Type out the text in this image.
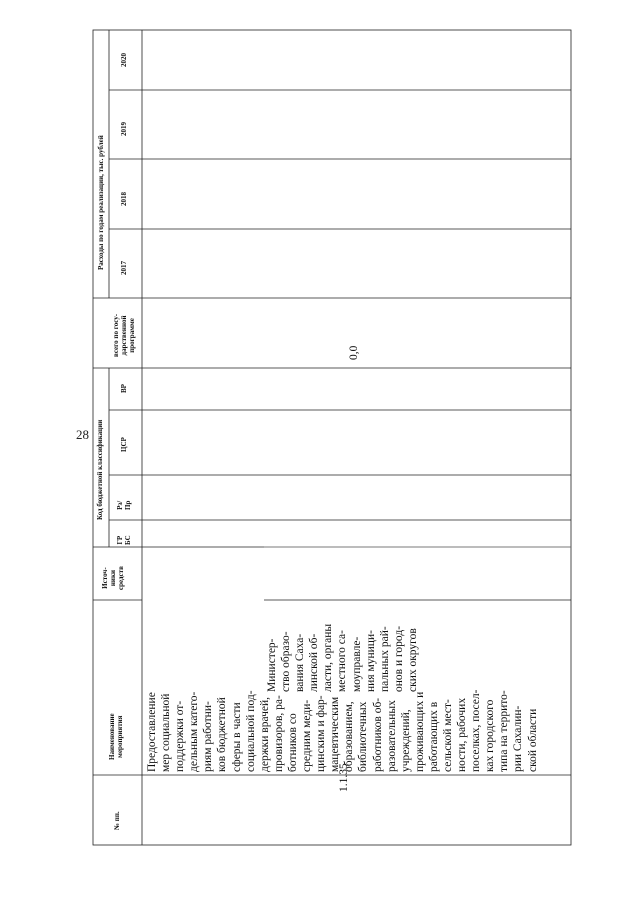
28
№ пп.
Наименование мероприятия
Источ- ники средств
Код бюджетной классификации
ГР БС
Рз/ Пр
ЦСР
ВР
всего по госу- дарственной программе
Расходы по годам реализации, тыс. рублей 2017
2018
2019
2020
1.1.35
Предоставление мер социальной поддержки от- дельным катего- риям работни- ков бюджетной сферы в части социальной под- держки врачей, провизоров, ра- ботников со средним меди- цинским и фар- мацевтическим образованием, библиотечных работников об- разовательных учреждений, проживающих и работающих в сельской мест- ности, рабочих поселках, посел- ках городского типа на террито- рии Сахалин- ской области
Министер- ство образо- вания Саха- линской об- ласти, органы местного са- моуправле- ния муници- пальных рай- онов и город- ских округов
0,0
